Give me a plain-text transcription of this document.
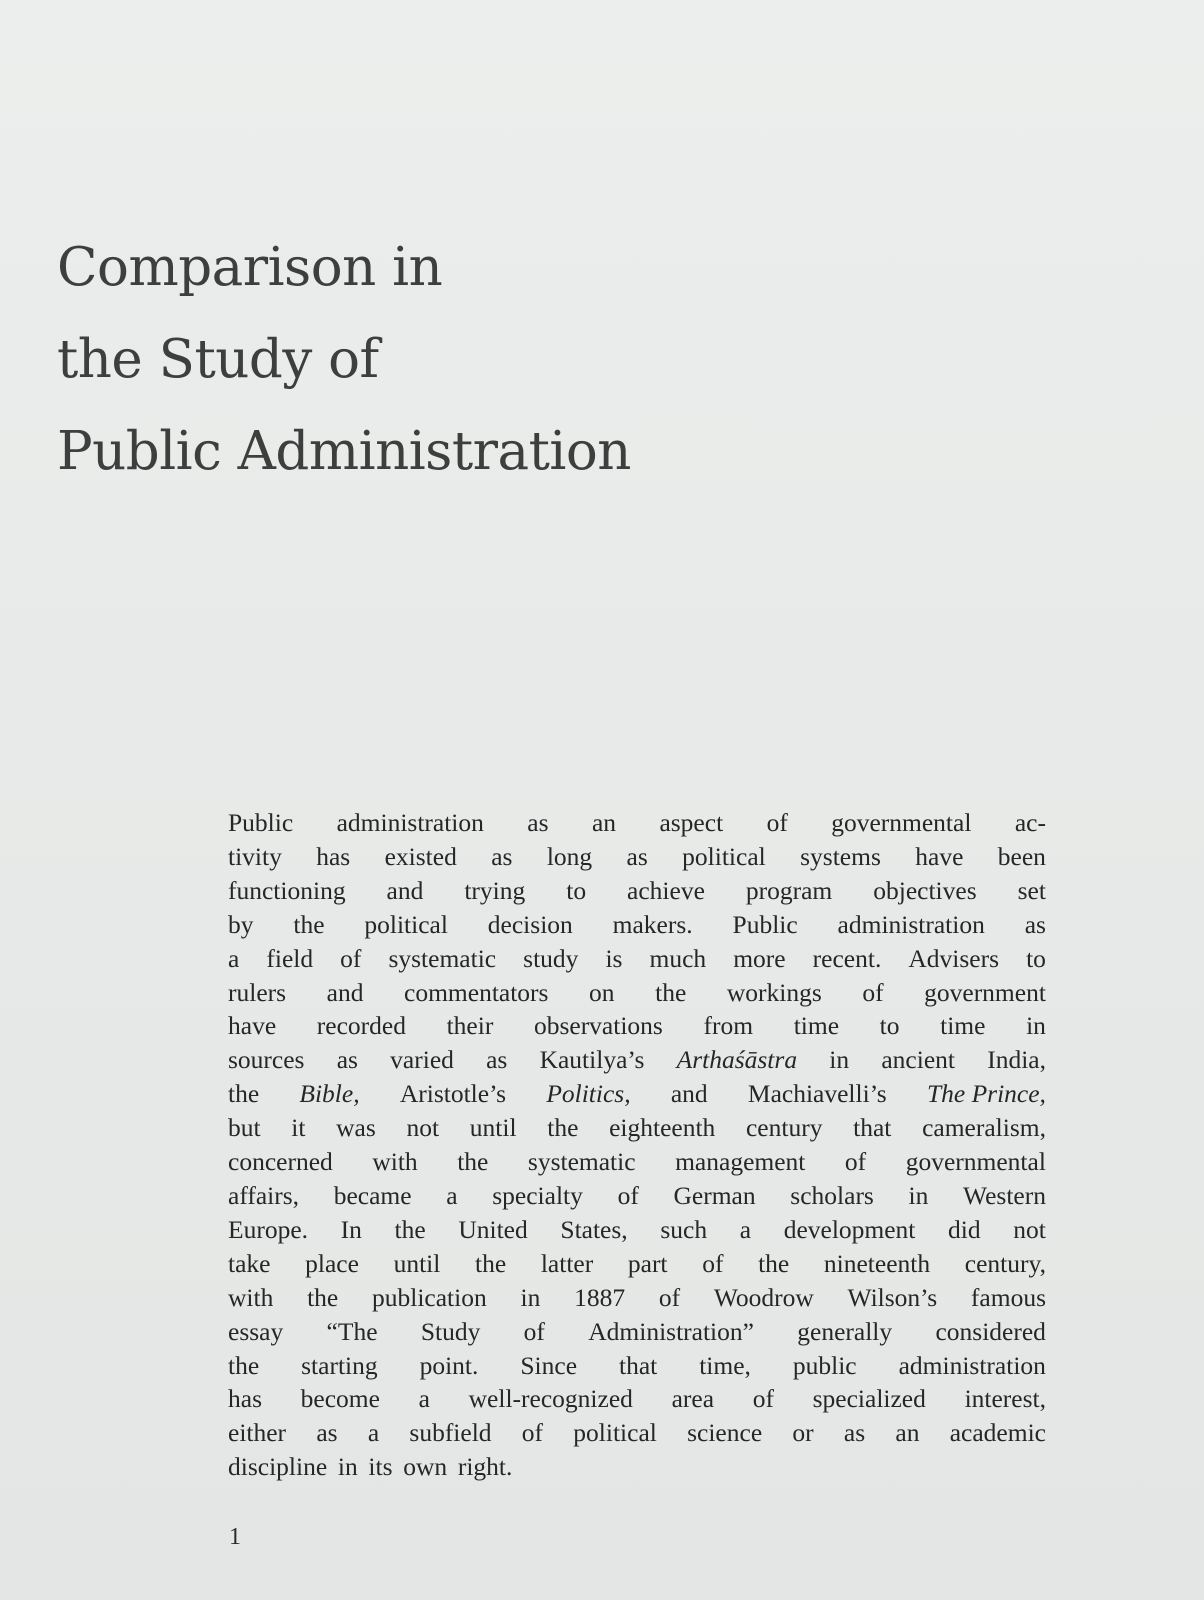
Comparison in
the Study of
Public Administration
Public administration as an aspect of governmental ac-
tivity has existed as long as political systems have been
functioning and trying to achieve program objectives set
by the political decision makers. Public administration as
a field of systematic study is much more recent. Advisers to
rulers and commentators on the workings of government
have recorded their observations from time to time in
sources as varied as Kautilya’s Arthaśāstra in ancient India,
the Bible, Aristotle’s Politics, and Machiavelli’s The Prince,
but it was not until the eighteenth century that cameralism,
concerned with the systematic management of governmental
affairs, became a specialty of German scholars in Western
Europe. In the United States, such a development did not
take place until the latter part of the nineteenth century,
with the publication in 1887 of Woodrow Wilson’s famous
essay “The Study of Administration” generally considered
the starting point. Since that time, public administration
has become a well-recognized area of specialized interest,
either as a subfield of political science or as an academic
discipline in its own right.
1
